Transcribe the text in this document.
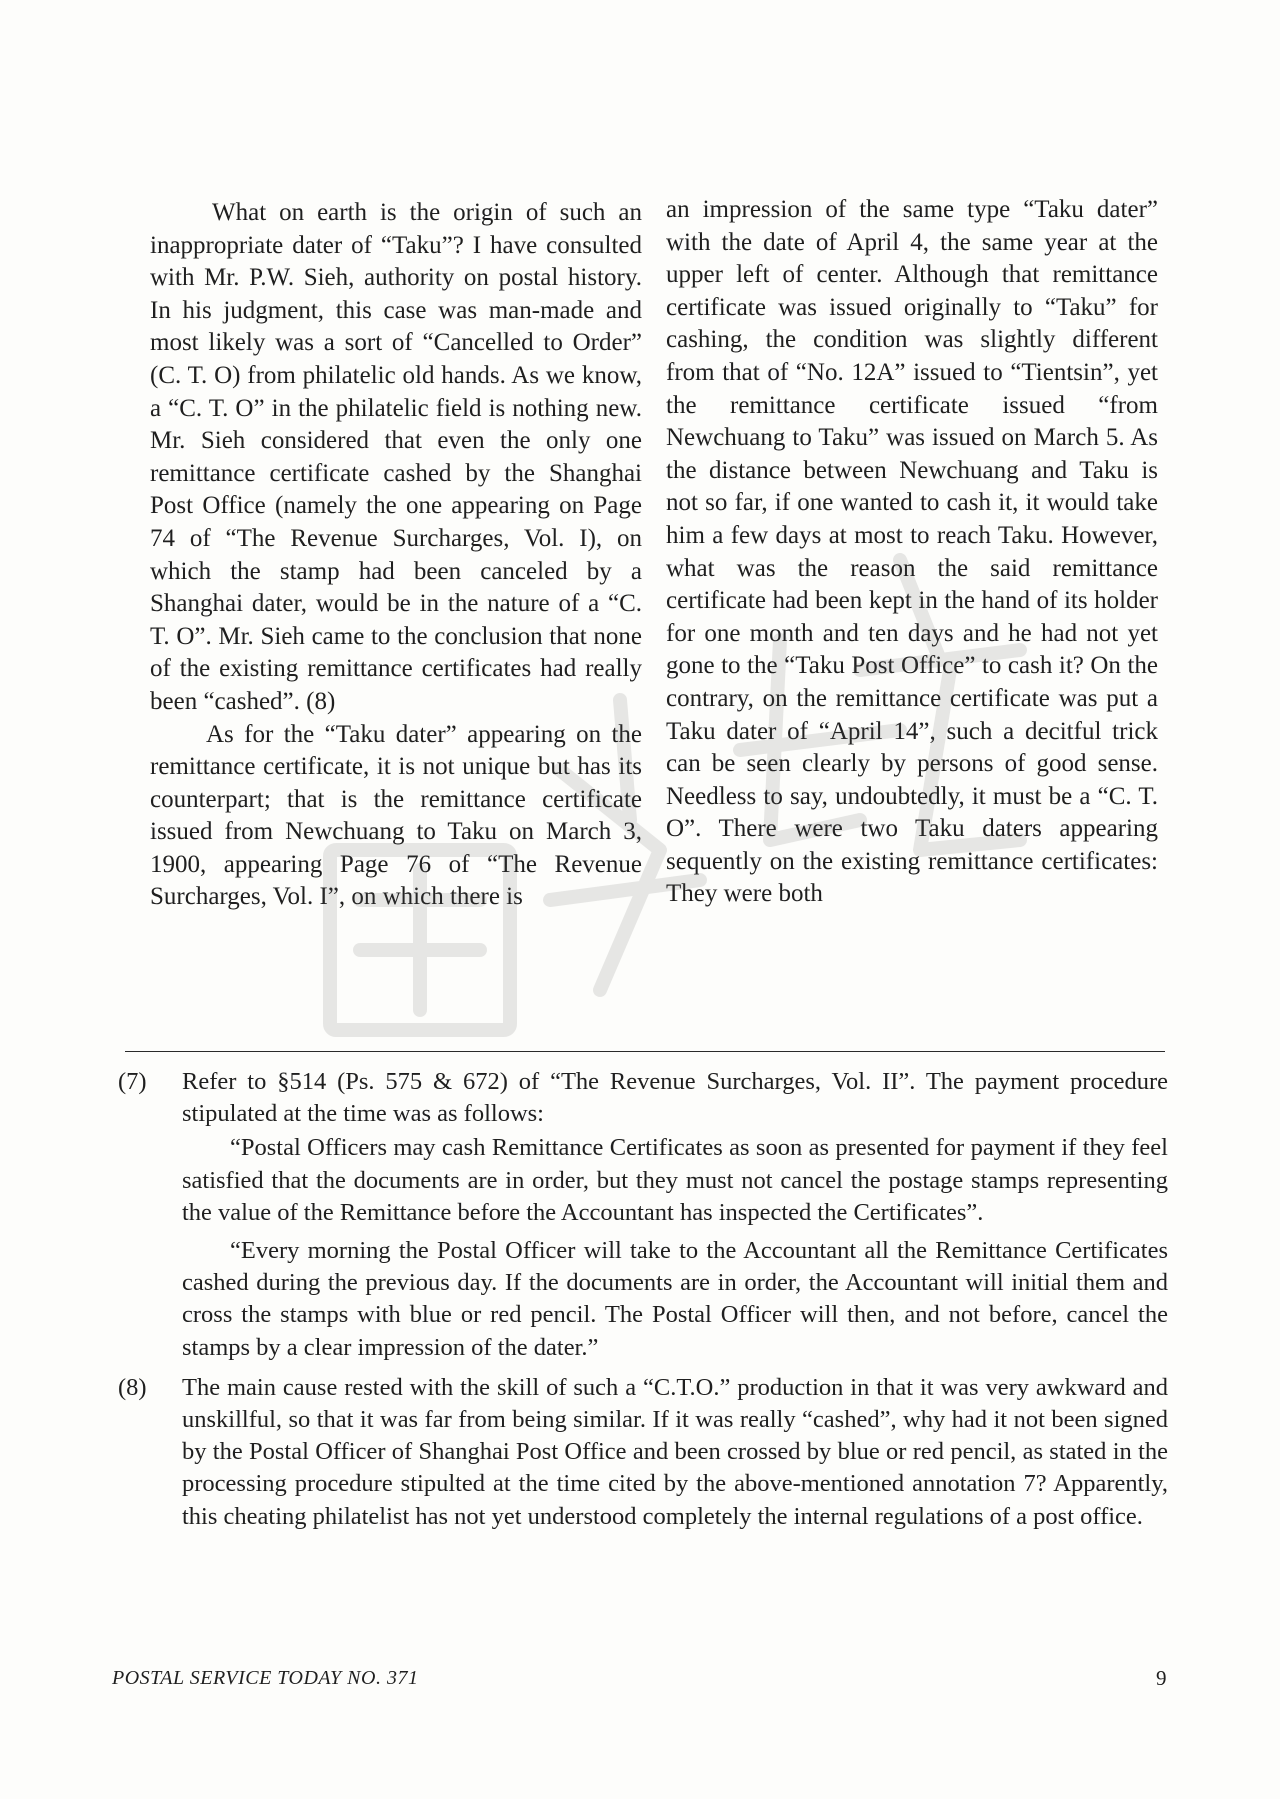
What on earth is the origin of such an inappropriate dater of “Taku”? I have consulted with Mr. P.W. Sieh, authority on postal history. In his judgment, this case was man-made and most likely was a sort of “Cancelled to Order” (C. T. O) from philatelic old hands. As we know, a “C. T. O” in the philatelic field is nothing new. Mr. Sieh considered that even the only one remittance certificate cashed by the Shanghai Post Office (namely the one appearing on Page 74 of “The Revenue Surcharges, Vol. I), on which the stamp had been canceled by a Shanghai dater, would be in the nature of a “C. T. O”. Mr. Sieh came to the conclusion that none of the existing remittance certificates had really been “cashed”. (8)

As for the “Taku dater” appearing on the remittance certificate, it is not unique but has its counterpart; that is the remittance certificate issued from Newchuang to Taku on March 3, 1900, appearing Page 76 of “The Revenue Surcharges, Vol. I”, on which there is

an impression of the same type “Taku dater” with the date of April 4, the same year at the upper left of center. Although that remittance certificate was issued originally to “Taku” for cashing, the condition was slightly different from that of “No. 12A” issued to “Tientsin”, yet the remittance certificate issued “from Newchuang to Taku” was issued on March 5. As the distance between Newchuang and Taku is not so far, if one wanted to cash it, it would take him a few days at most to reach Taku. However, what was the reason the said remittance certificate had been kept in the hand of its holder for one month and ten days and he had not yet gone to the “Taku Post Office” to cash it? On the contrary, on the remittance certificate was put a Taku dater of “April 14”, such a decitful trick can be seen clearly by persons of good sense. Needless to say, undoubtedly, it must be a “C. T. O”. There were two Taku daters appearing sequently on the existing remittance certificates: They were both

(7) Refer to §514 (Ps. 575 & 672) of “The Revenue Surcharges, Vol. II”. The payment procedure stipulated at the time was as follows:

“Postal Officers may cash Remittance Certificates as soon as presented for payment if they feel satisfied that the documents are in order, but they must not cancel the postage stamps representing the value of the Remittance before the Accountant has inspected the Certificates”.

“Every morning the Postal Officer will take to the Accountant all the Remittance Certificates cashed during the previous day. If the documents are in order, the Accountant will initial them and cross the stamps with blue or red pencil. The Postal Officer will then, and not before, cancel the stamps by a clear impression of the dater.”

(8) The main cause rested with the skill of such a “C.T.O.” production in that it was very awkward and unskillful, so that it was far from being similar. If it was really “cashed”, why had it not been signed by the Postal Officer of Shanghai Post Office and been crossed by blue or red pencil, as stated in the processing procedure stipulted at the time cited by the above-mentioned annotation 7? Apparently, this cheating philatelist has not yet understood completely the internal regulations of a post office.

POSTAL SERVICE TODAY NO. 371	9
